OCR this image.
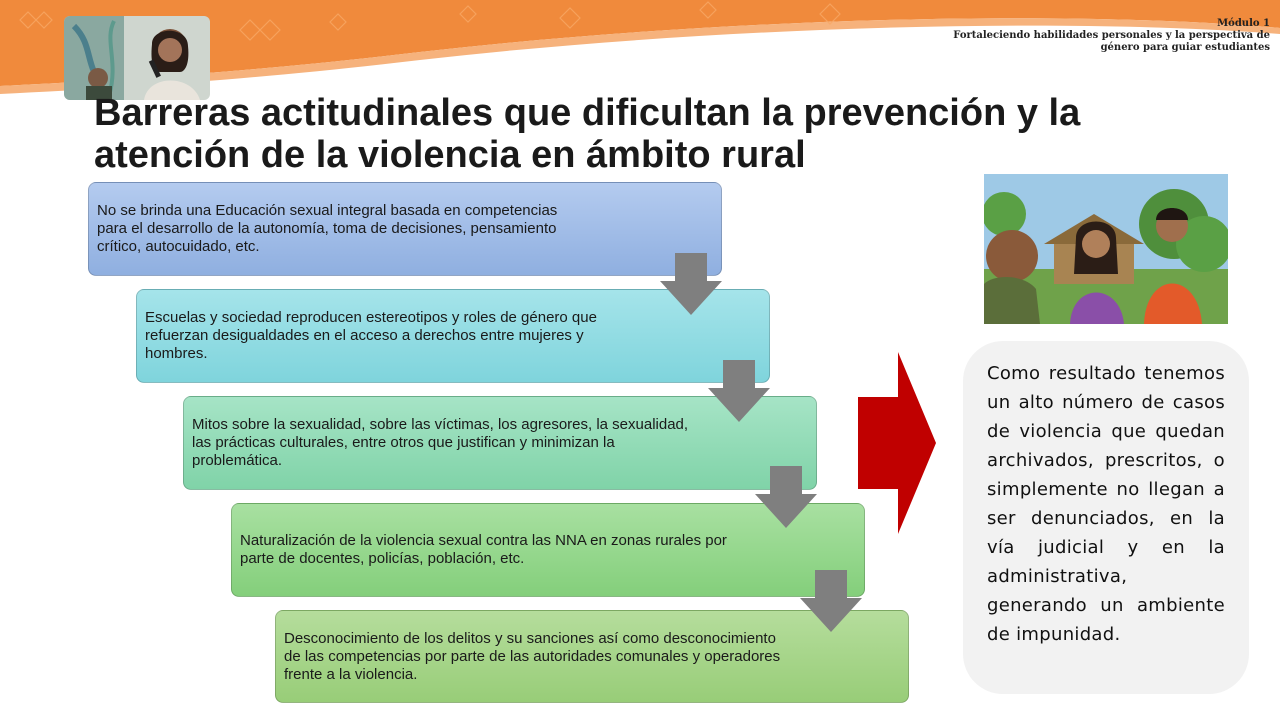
Módulo 1
Fortaleciendo habilidades personales y la perspectiva de
género para guiar estudiantes
Barreras actitudinales que dificultan la prevención y la
atención de la violencia en ámbito rural
No se brinda una Educación sexual integral basada en competencias para el desarrollo de la autonomía, toma de decisiones, pensamiento crítico, autocuidado, etc.
Escuelas y sociedad reproducen estereotipos y roles de género que refuerzan desigualdades en el acceso a derechos entre mujeres y hombres.
Mitos sobre la sexualidad, sobre las víctimas, los agresores, la sexualidad, las prácticas culturales, entre otros que justifican y minimizan la problemática.
Naturalización de la violencia sexual contra las NNA en zonas rurales por parte de docentes, policías, población, etc.
Desconocimiento de los delitos y su sanciones así como desconocimiento de las competencias por parte de las autoridades comunales y operadores frente a la violencia.

Como resultado tenemos un alto número de casos de violencia que quedan archivados, prescritos, o simplemente no llegan a ser denunciados, en la vía judicial y en la administrativa, generando un ambiente de impunidad.
